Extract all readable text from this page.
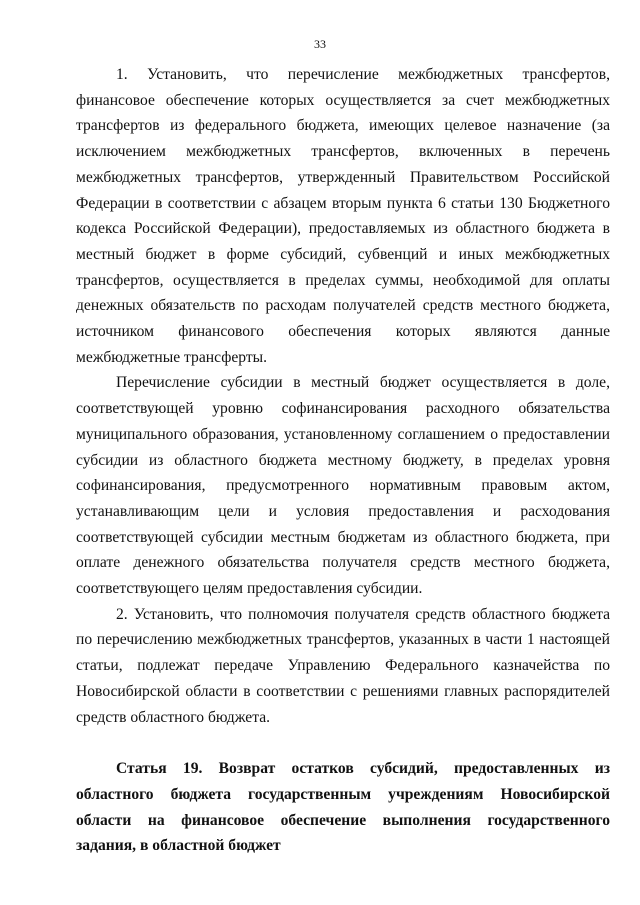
33

1. Установить, что перечисление межбюджетных трансфертов, финансовое обеспечение которых осуществляется за счет межбюджетных трансфертов из федерального бюджета, имеющих целевое назначение (за исключением межбюджетных трансфертов, включенных в перечень межбюджетных трансфертов, утвержденный Правительством Российской Федерации в соответствии с абзацем вторым пункта 6 статьи 130 Бюджетного кодекса Российской Федерации), предоставляемых из областного бюджета в местный бюджет в форме субсидий, субвенций и иных межбюджетных трансфертов, осуществляется в пределах суммы, необходимой для оплаты денежных обязательств по расходам получателей средств местного бюджета, источником финансового обеспечения которых являются данные межбюджетные трансферты.

Перечисление субсидии в местный бюджет осуществляется в доле, соответствующей уровню софинансирования расходного обязательства муниципального образования, установленному соглашением о предоставлении субсидии из областного бюджета местному бюджету, в пределах уровня софинансирования, предусмотренного нормативным правовым актом, устанавливающим цели и условия предоставления и расходования соответствующей субсидии местным бюджетам из областного бюджета, при оплате денежного обязательства получателя средств местного бюджета, соответствующего целям предоставления субсидии.

2. Установить, что полномочия получателя средств областного бюджета по перечислению межбюджетных трансфертов, указанных в части 1 настоящей статьи, подлежат передаче Управлению Федерального казначейства по Новосибирской области в соответствии с решениями главных распорядителей средств областного бюджета.

Статья 19. Возврат остатков субсидий, предоставленных из областного бюджета государственным учреждениям Новосибирской области на финансовое обеспечение выполнения государственного задания, в областной бюджет
